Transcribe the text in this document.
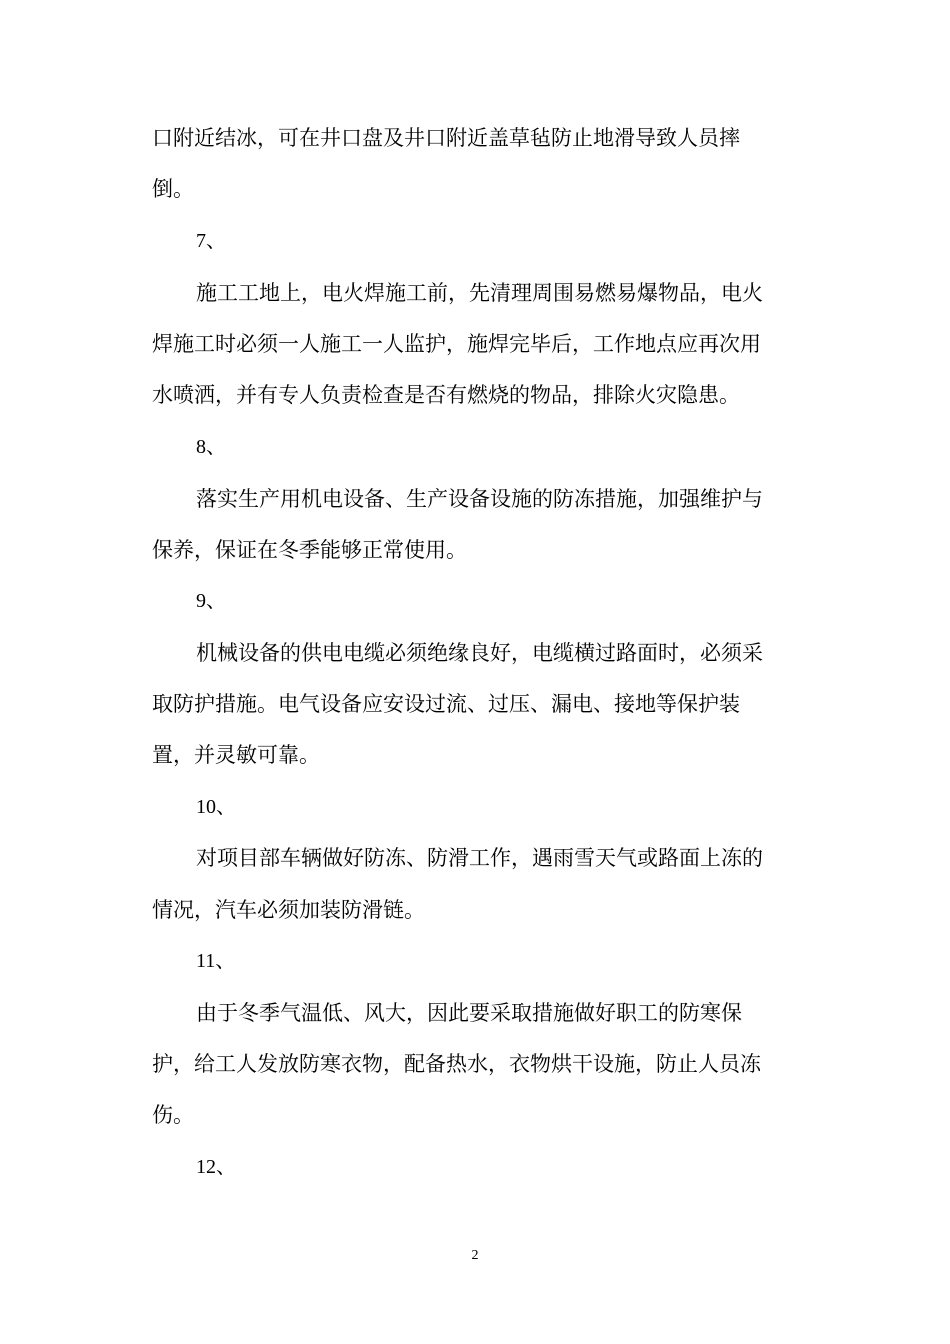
口附近结冰，可在井口盘及井口附近盖草毡防止地滑导致人员摔
倒。
7、
施工工地上，电火焊施工前，先清理周围易燃易爆物品，电火
焊施工时必须一人施工一人监护，施焊完毕后，工作地点应再次用
水喷洒，并有专人负责检查是否有燃烧的物品，排除火灾隐患。
8、
落实生产用机电设备、生产设备设施的防冻措施，加强维护与
保养，保证在冬季能够正常使用。
9、
机械设备的供电电缆必须绝缘良好，电缆横过路面时，必须采
取防护措施。电气设备应安设过流、过压、漏电、接地等保护装
置，并灵敏可靠。
10、
对项目部车辆做好防冻、防滑工作，遇雨雪天气或路面上冻的
情况，汽车必须加装防滑链。
11、
由于冬季气温低、风大，因此要采取措施做好职工的防寒保
护，给工人发放防寒衣物，配备热水，衣物烘干设施，防止人员冻
伤。
12、
2
